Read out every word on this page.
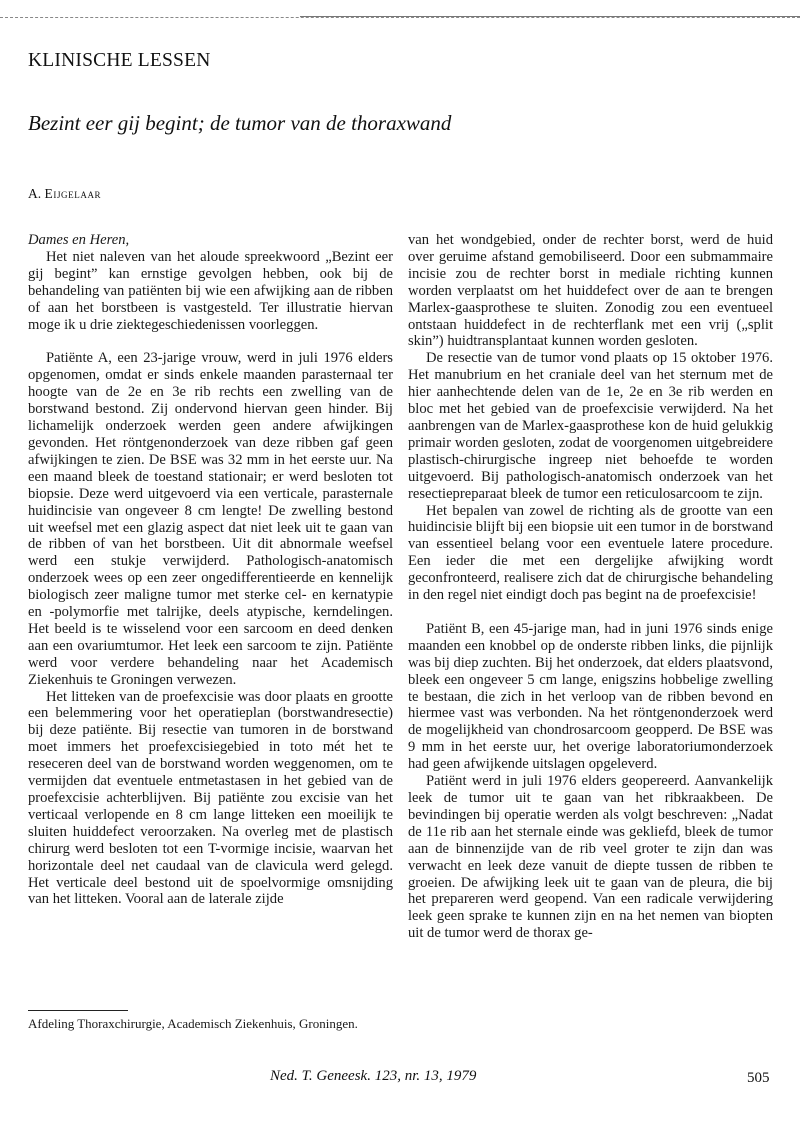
KLINISCHE LESSEN
Bezint eer gij begint; de tumor van de thoraxwand
A. Eijgelaar

Dames en Heren,

Het niet naleven van het aloude spreekwoord „Bezint eer gij begint” kan ernstige gevolgen hebben, ook bij de behandeling van patiënten bij wie een afwijking aan de ribben of aan het borstbeen is vastgesteld. Ter illustratie hiervan moge ik u drie ziektegeschiedenissen voorleggen.

Patiënte A, een 23-jarige vrouw, werd in juli 1976 elders opgenomen, omdat er sinds enkele maanden parasternaal ter hoogte van de 2e en 3e rib rechts een zwelling van de borstwand bestond. Zij ondervond hiervan geen hinder. Bij lichamelijk onderzoek werden geen andere afwijkingen gevonden. Het röntgenonderzoek van deze ribben gaf geen afwijkingen te zien. De BSE was 32 mm in het eerste uur. Na een maand bleek de toestand stationair; er werd besloten tot biopsie. Deze werd uitgevoerd via een verticale, parasternale huidincisie van ongeveer 8 cm lengte! De zwelling bestond uit weefsel met een glazig aspect dat niet leek uit te gaan van de ribben of van het borstbeen. Uit dit abnormale weefsel werd een stukje verwijderd. Pathologisch-anatomisch onderzoek wees op een zeer ongedifferentieerde en kennelijk biologisch zeer maligne tumor met sterke cel- en kernatypie en -polymorfie met talrijke, deels atypische, kerndelingen. Het beeld is te wisselend voor een sarcoom en deed denken aan een ovariumtumor. Het leek een sarcoom te zijn. Patiënte werd voor verdere behandeling naar het Academisch Ziekenhuis te Groningen verwezen.

Het litteken van de proefexcisie was door plaats en grootte een belemmering voor het operatieplan (borstwandresectie) bij deze patiënte. Bij resectie van tumoren in de borstwand moet immers het proefexcisiegebied in toto mét het te reseceren deel van de borstwand worden weggenomen, om te vermijden dat eventuele entmetastasen in het gebied van de proefexcisie achterblijven. Bij patiënte zou excisie van het verticaal verlopende en 8 cm lange litteken een moeilijk te sluiten huiddefect veroorzaken. Na overleg met de plastisch chirurg werd besloten tot een T-vormige incisie, waarvan het horizontale deel net caudaal van de clavicula werd gelegd. Het verticale deel bestond uit de spoelvormige omsnijding van het litteken. Vooral aan de laterale zijde

van het wondgebied, onder de rechter borst, werd de huid over geruime afstand gemobiliseerd. Door een submammaire incisie zou de rechter borst in mediale richting kunnen worden verplaatst om het huiddefect over de aan te brengen Marlex-gaasprothese te sluiten. Zonodig zou een eventueel ontstaan huiddefect in de rechterflank met een vrij („split skin”) huidtransplantaat kunnen worden gesloten.

De resectie van de tumor vond plaats op 15 oktober 1976. Het manubrium en het craniale deel van het sternum met de hier aanhechtende delen van de 1e, 2e en 3e rib werden en bloc met het gebied van de proefexcisie verwijderd. Na het aanbrengen van de Marlex-gaasprothese kon de huid gelukkig primair worden gesloten, zodat de voorgenomen uitgebreidere plastisch-chirurgische ingreep niet behoefde te worden uitgevoerd. Bij pathologisch-anatomisch onderzoek van het resectiepreparaat bleek de tumor een reticulosarcoom te zijn.

Het bepalen van zowel de richting als de grootte van een huidincisie blijft bij een biopsie uit een tumor in de borstwand van essentieel belang voor een eventuele latere procedure. Een ieder die met een dergelijke afwijking wordt geconfronteerd, realisere zich dat de chirurgische behandeling in den regel niet eindigt doch pas begint na de proefexcisie!

Patiënt B, een 45-jarige man, had in juni 1976 sinds enige maanden een knobbel op de onderste ribben links, die pijnlijk was bij diep zuchten. Bij het onderzoek, dat elders plaatsvond, bleek een ongeveer 5 cm lange, enigszins hobbelige zwelling te bestaan, die zich in het verloop van de ribben bevond en hiermee vast was verbonden. Na het röntgenonderzoek werd de mogelijkheid van chondrosarcoom geopperd. De BSE was 9 mm in het eerste uur, het overige laboratoriumonderzoek had geen afwijkende uitslagen opgeleverd.

Patiënt werd in juli 1976 elders geopereerd. Aanvankelijk leek de tumor uit te gaan van het ribkraakbeen. De bevindingen bij operatie werden als volgt beschreven: „Nadat de 11e rib aan het sternale einde was gekliefd, bleek de tumor aan de binnenzijde van de rib veel groter te zijn dan was verwacht en leek deze vanuit de diepte tussen de ribben te groeien. De afwijking leek uit te gaan van de pleura, die bij het prepareren werd geopend. Van een radicale verwijdering leek geen sprake te kunnen zijn en na het nemen van biopten uit de tumor werd de thorax ge-

Afdeling Thoraxchirurgie, Academisch Ziekenhuis, Groningen.
Ned. T. Geneesk. 123, nr. 13, 1979	505
